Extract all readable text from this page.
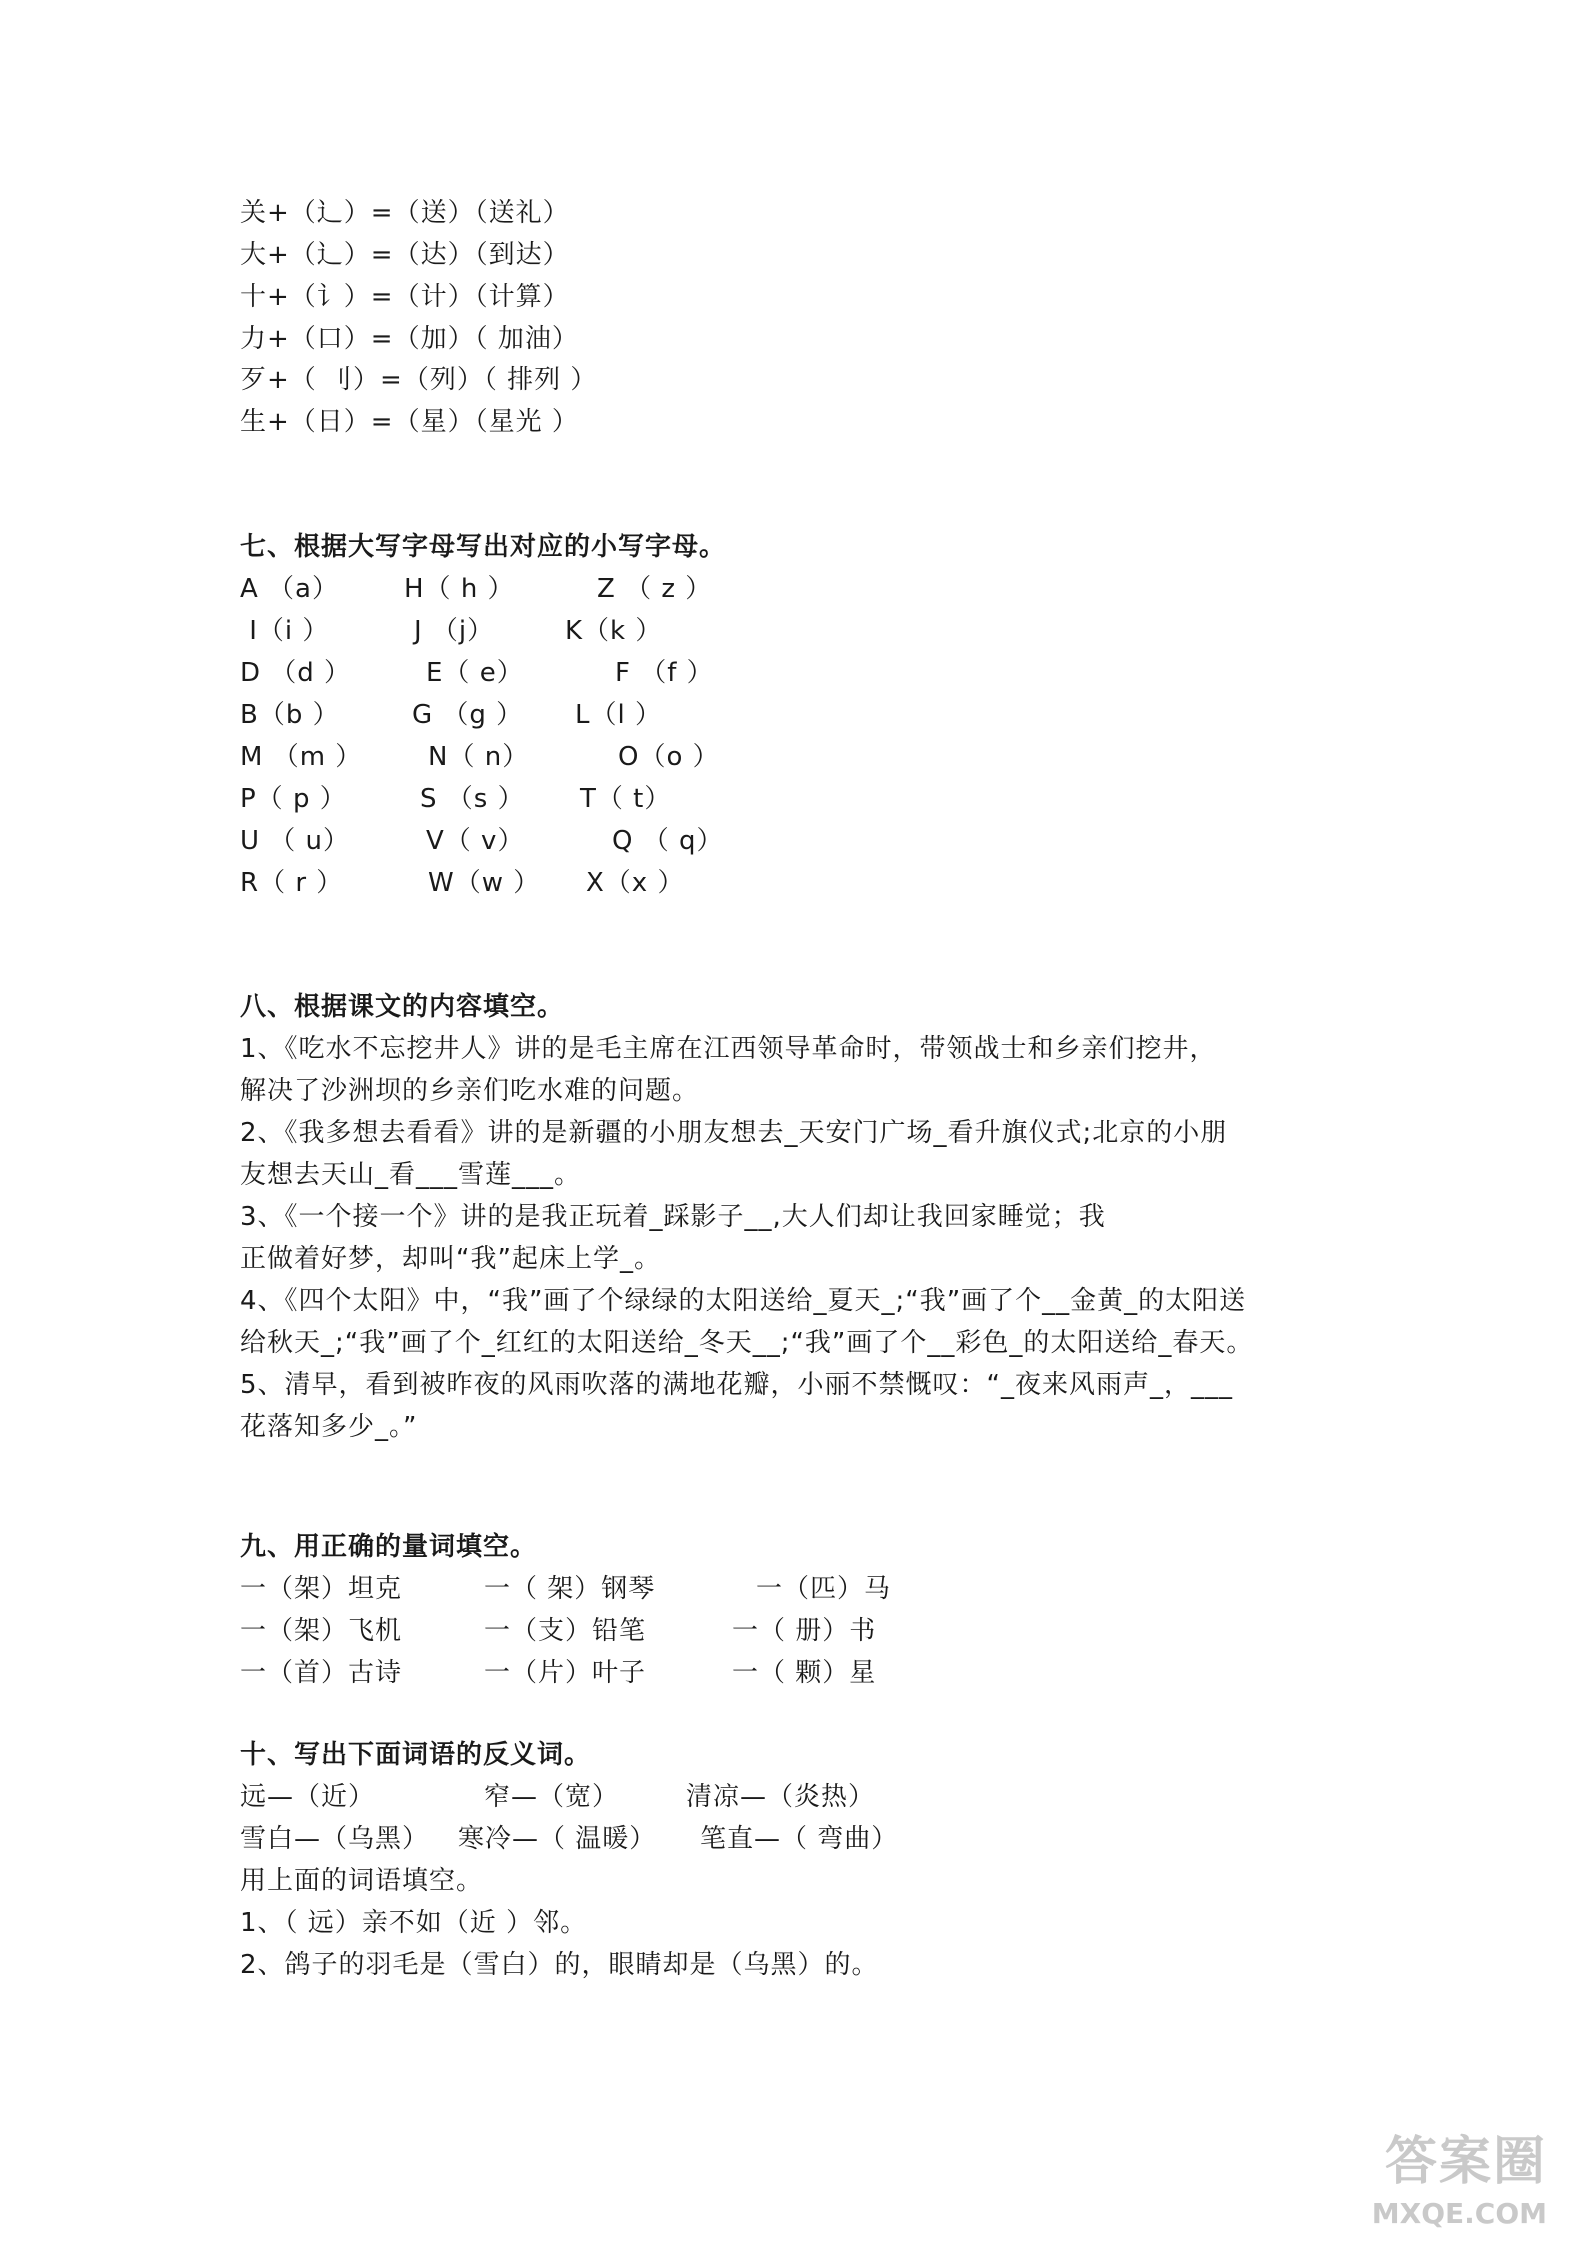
关+（辶）=（送）（送礼）
大+（辶）=（达）（到达）
十+（讠）=（计）（计算）
力+（口）=（加）（ 加油）
歹+（ 刂）=（列）（ 排列 ）
生+（日）=（星）（星光 ）
七、根据大写字母写出对应的小写字母。
A （a）	H（ h ）	Z （ z ）
I（i ）	J （j）	K（k ）
D （d ）	E（ e）	F （f ）
B（b ）	G （g ） L（l ）
M （m ）	N（ n）	O（o ）
P（ p ）	S （s ） T（ t）
U （ u）	V（ v）	Q （ q）
R（ r ）	W（w ） X（x ）
八、根据课文的内容填空。
1、《吃水不忘挖井人》讲的是毛主席在江西领导革命时，带领战士和乡亲们挖井，
解决了沙洲坝的乡亲们吃水难的问题。
2、《我多想去看看》讲的是新疆的小朋友想去_天安门广场_看升旗仪式;北京的小朋
友想去天山_看___雪莲___。
3、《一个接一个》讲的是我正玩着_踩影子__,大人们却让我回家睡觉；我
正做着好梦，却叫“我”起床上学_。
4、《四个太阳》中，“我”画了个绿绿的太阳送给_夏天_;“我”画了个__金黄_的太阳送
给秋天_;“我”画了个_红红的太阳送给_冬天__;“我”画了个__彩色_的太阳送给_春天。
5、清早，看到被昨夜的风雨吹落的满地花瓣，小丽不禁慨叹：“_夜来风雨声_，___
花落知多少_。”
九、用正确的量词填空。
一（架）坦克	一（ 架）钢琴	一（匹）马
一（架）飞机	一（支）铅笔	一（ 册）书
一（首）古诗	一（片）叶子	一（ 颗）星
十、写出下面词语的反义词。
远—（近）	窄—（宽）	清凉—（炎热）
雪白—（乌黑） 寒冷—（ 温暖） 笔直—（ 弯曲）
用上面的词语填空。
1、（ 远）亲不如（近 ）邻。
2、鸽子的羽毛是（雪白）的，眼睛却是（乌黑）的。
答案圈
MXQE.COM
